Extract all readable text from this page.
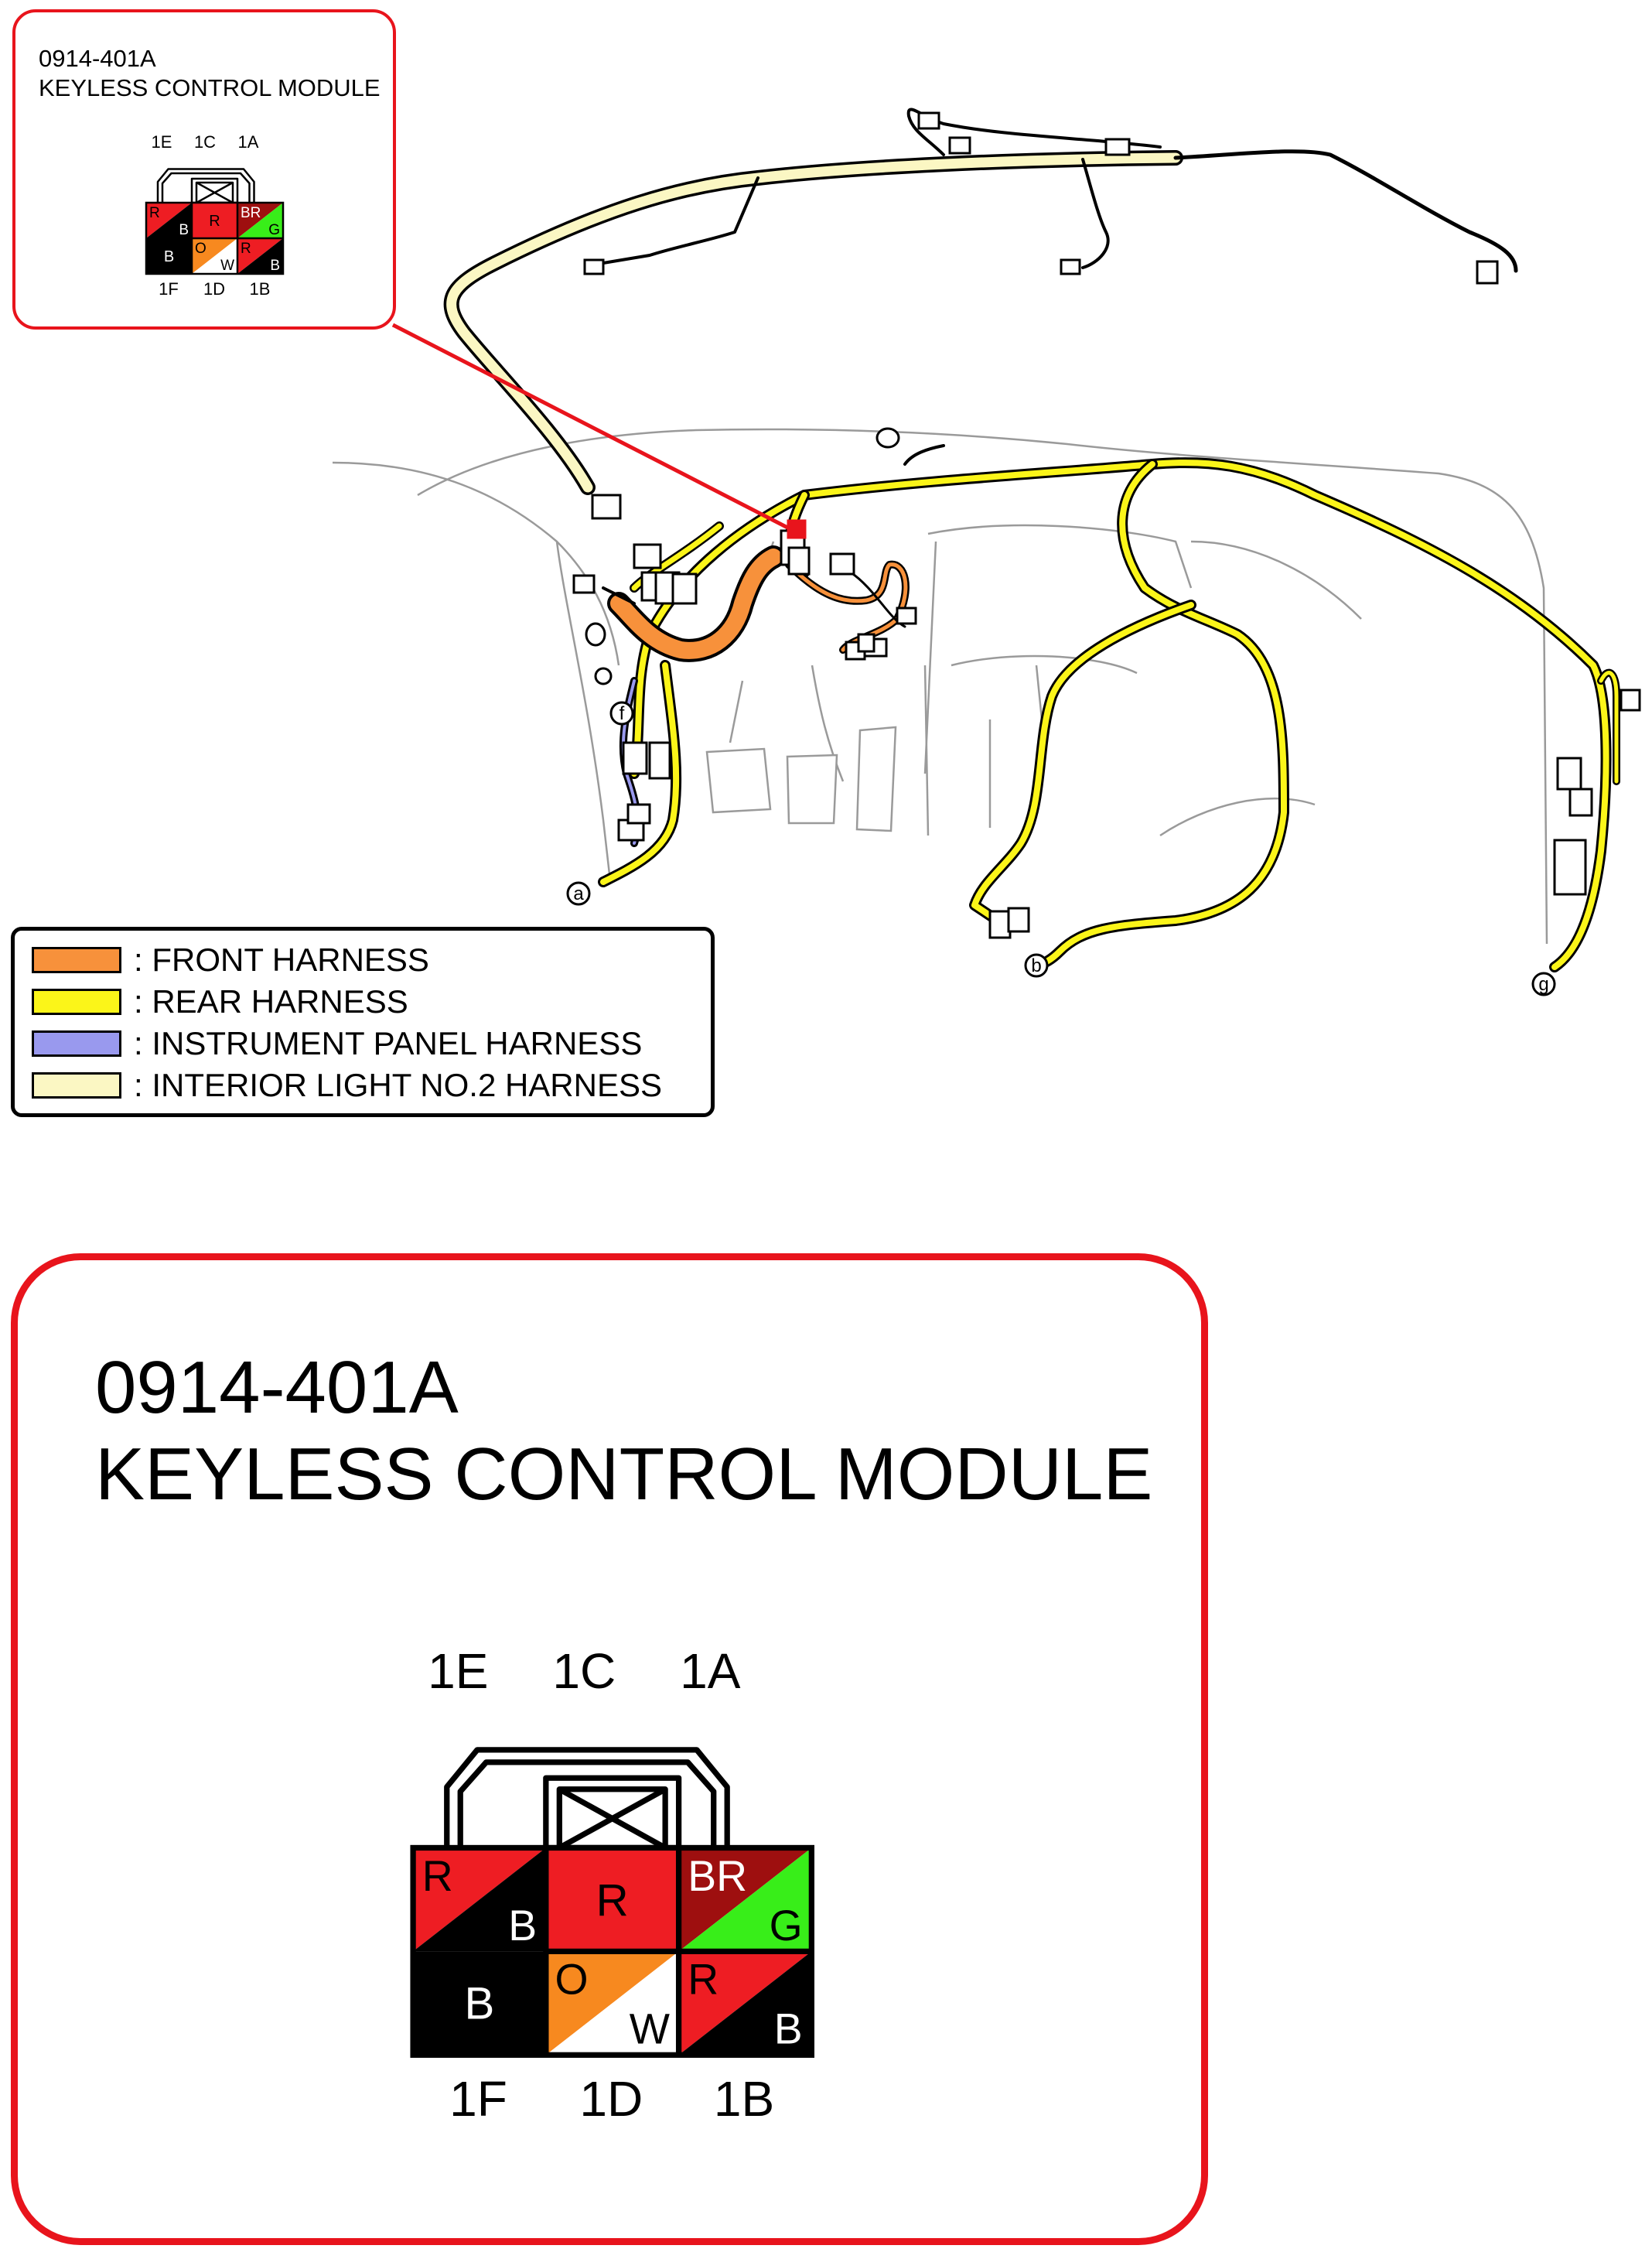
a
b
f
g
0914-401A
KEYLESS CONTROL MODULE
R
B
R BR
G
B O
W
R
B
1E 1C 1A
1F 1D 1B
: FRONT HARNESS
: REAR HARNESS
: INSTRUMENT PANEL HARNESS
: INTERIOR LIGHT NO.2 HARNESS
0914-401A
KEYLESS CONTROL MODULE
R
B
R BR
G
B O
W
R
B
1E 1C 1A
1F 1D 1B
